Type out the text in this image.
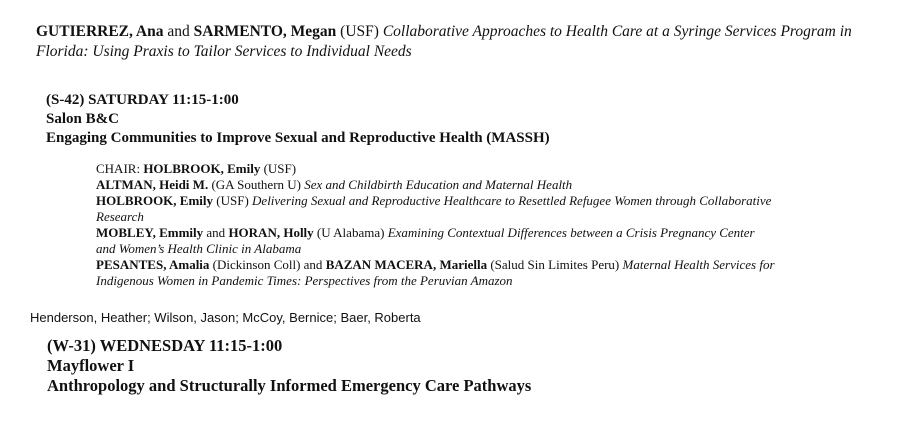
GUTIERREZ, Ana and SARMENTO, Megan (USF) Collaborative Approaches to Health Care at a Syringe Services Program in Florida: Using Praxis to Tailor Services to Individual Needs
(S-42) SATURDAY 11:15-1:00
Salon B&C
Engaging Communities to Improve Sexual and Reproductive Health (MASSH)
CHAIR: HOLBROOK, Emily (USF)
ALTMAN, Heidi M. (GA Southern U) Sex and Childbirth Education and Maternal Health
HOLBROOK, Emily (USF) Delivering Sexual and Reproductive Healthcare to Resettled Refugee Women through Collaborative Research
MOBLEY, Emmily and HORAN, Holly (U Alabama) Examining Contextual Differences between a Crisis Pregnancy Center and Women’s Health Clinic in Alabama
PESANTES, Amalia (Dickinson Coll) and BAZAN MACERA, Mariella (Salud Sin Limites Peru) Maternal Health Services for Indigenous Women in Pandemic Times: Perspectives from the Peruvian Amazon
Henderson, Heather; Wilson, Jason; McCoy, Bernice; Baer, Roberta
(W-31) WEDNESDAY 11:15-1:00
Mayflower I
Anthropology and Structurally Informed Emergency Care Pathways
